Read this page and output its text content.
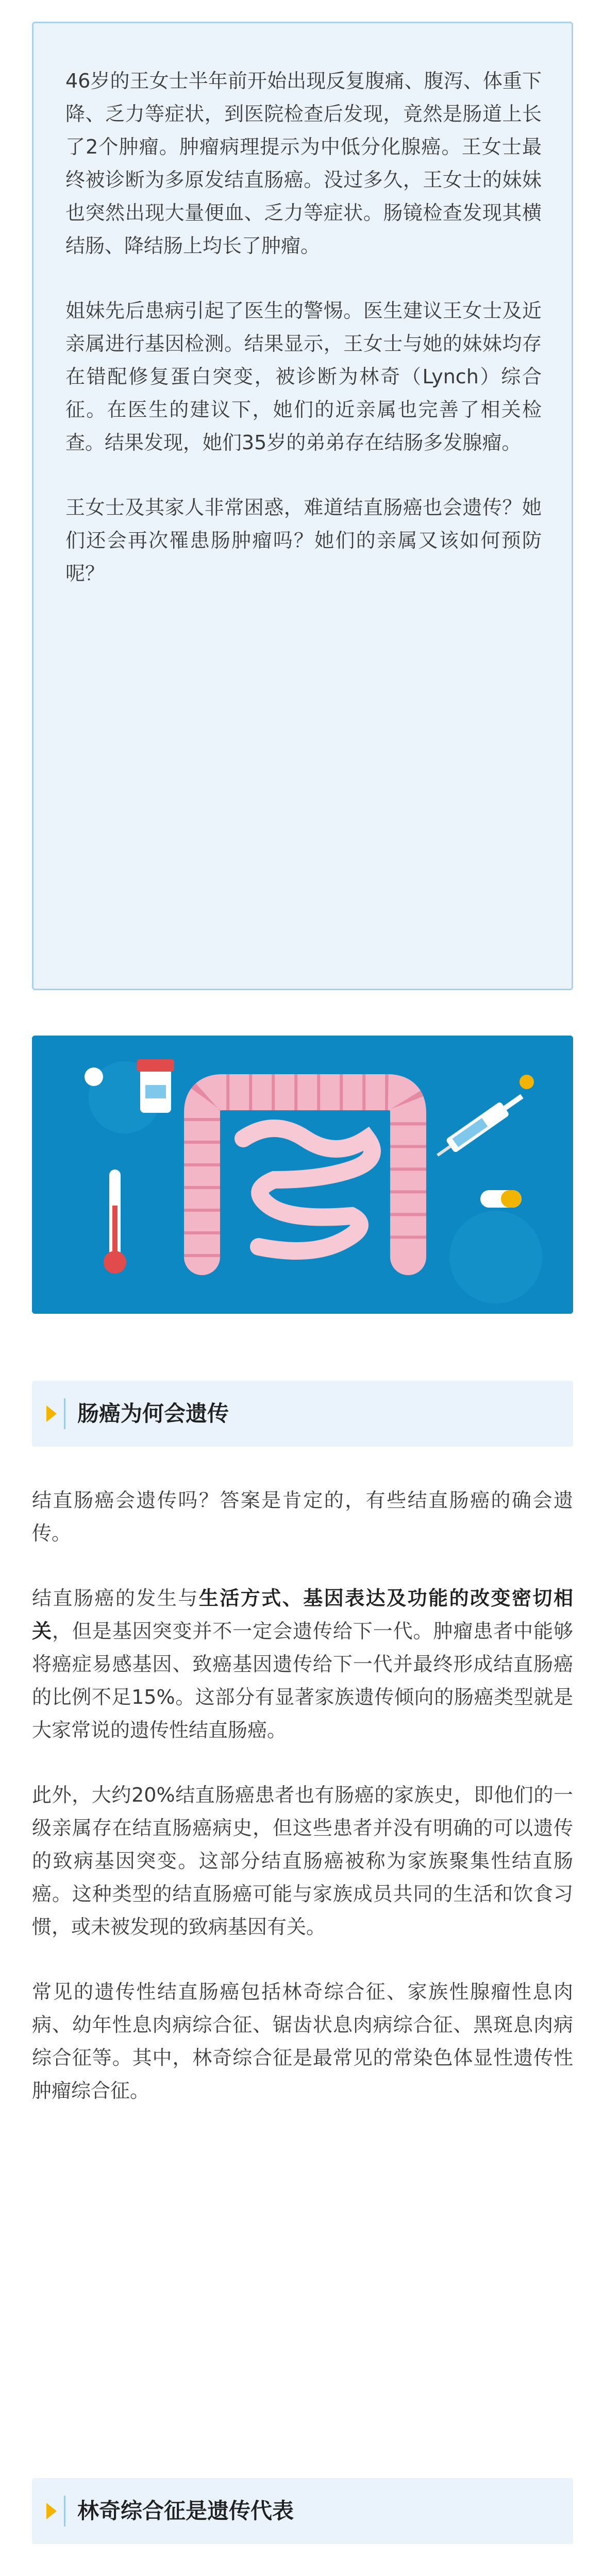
46岁的王女士半年前开始出现反复腹痛、腹泻、体重下降、乏力等症状，到医院检查后发现，竟然是肠道上长了2个肿瘤。肿瘤病理提示为中低分化腺癌。王女士最终被诊断为多原发结直肠癌。没过多久，王女士的妹妹也突然出现大量便血、乏力等症状。肠镜检查发现其横结肠、降结肠上均长了肿瘤。

姐妹先后患病引起了医生的警惕。医生建议王女士及近亲属进行基因检测。结果显示，王女士与她的妹妹均存在错配修复蛋白突变，被诊断为林奇（Lynch）综合征。在医生的建议下，她们的近亲属也完善了相关检查。结果发现，她们35岁的弟弟存在结肠多发腺瘤。

王女士及其家人非常困惑，难道结直肠癌也会遗传？她们还会再次罹患肠肿瘤吗？她们的亲属又该如何预防呢？

肠癌为何会遗传

结直肠癌会遗传吗？答案是肯定的，有些结直肠癌的确会遗传。

结直肠癌的发生与生活方式、基因表达及功能的改变密切相关，但是基因突变并不一定会遗传给下一代。肿瘤患者中能够将癌症易感基因、致癌基因遗传给下一代并最终形成结直肠癌的比例不足15%。这部分有显著家族遗传倾向的肠癌类型就是大家常说的遗传性结直肠癌。

此外，大约20%结直肠癌患者也有肠癌的家族史，即他们的一级亲属存在结直肠癌病史，但这些患者并没有明确的可以遗传的致病基因突变。这部分结直肠癌被称为家族聚集性结直肠癌。这种类型的结直肠癌可能与家族成员共同的生活和饮食习惯，或未被发现的致病基因有关。

常见的遗传性结直肠癌包括林奇综合征、家族性腺瘤性息肉病、幼年性息肉病综合征、锯齿状息肉病综合征、黑斑息肉病综合征等。其中，林奇综合征是最常见的常染色体显性遗传性肿瘤综合征。

林奇综合征是遗传代表
